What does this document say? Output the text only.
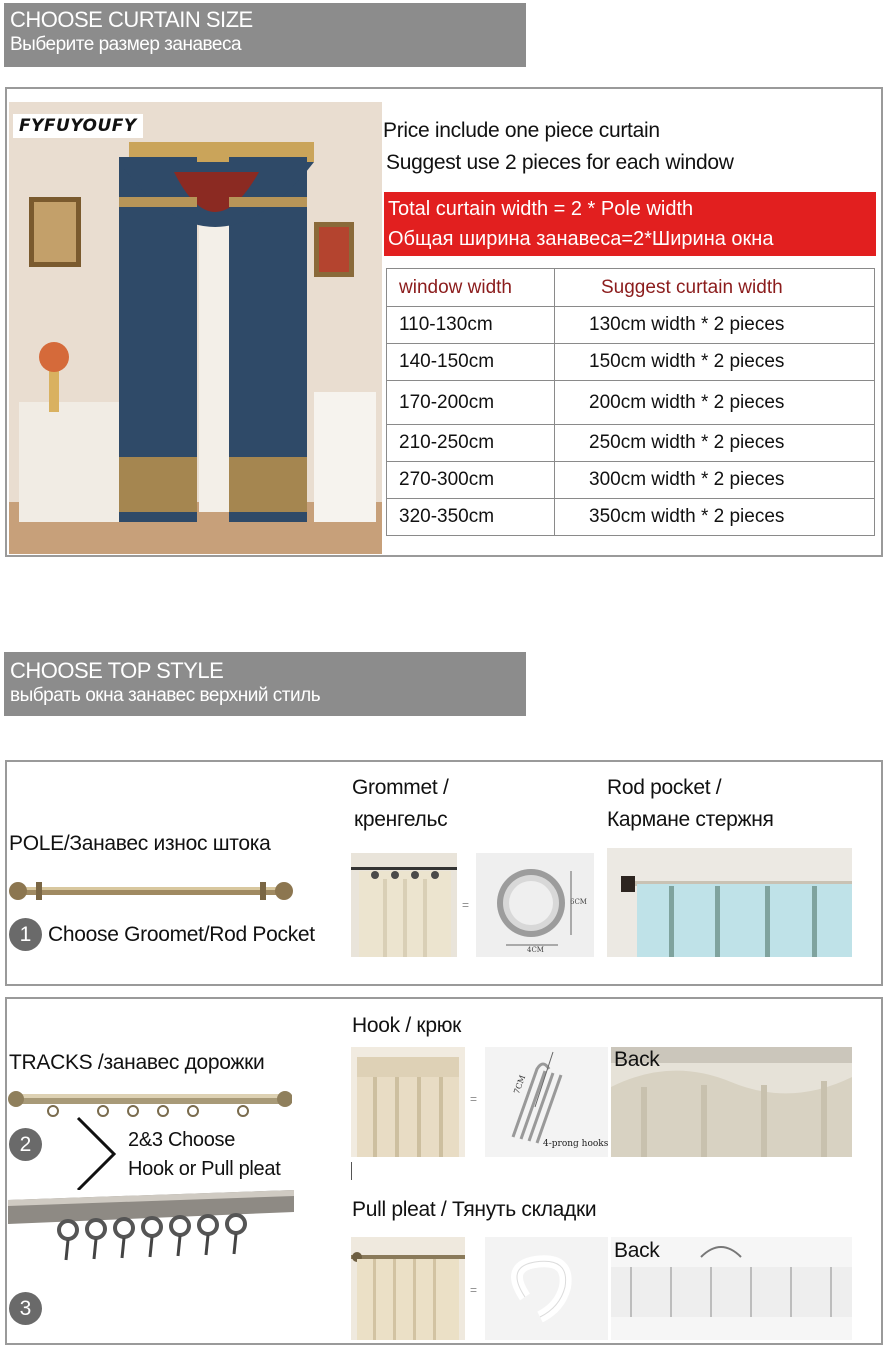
CHOOSE CURTAIN SIZE
Выберите размер занавеса
FYFUYOUFY	Price include one piece curtain
Suggest use 2 pieces for each window
Total curtain width = 2 * Pole width
Общая ширина занавеса=2*Ширина окна
window width	Suggest curtain width
110-130cm	130cm width * 2 pieces
140-150cm	150cm width * 2 pieces
170-200cm	200cm width * 2 pieces
210-250cm	250cm width * 2 pieces
270-300cm	300cm width * 2 pieces
320-350cm	350cm width * 2 pieces
CHOOSE TOP STYLE
выбрать окна занавес верхний стиль
POLE/Занавес износ штока
1 Choose Groomet/Rod Pocket
Grommet /
кренгельс
=	6CM
4CM
Rod pocket /
Кармане стержня
TRACKS /занавес дорожки
2	2&3 Choose
Hook or Pull pleat
3
Hook / крюк
=
7CM
4-prong hooks
Back
Pull pleat / Тянуть складки
=
Back
